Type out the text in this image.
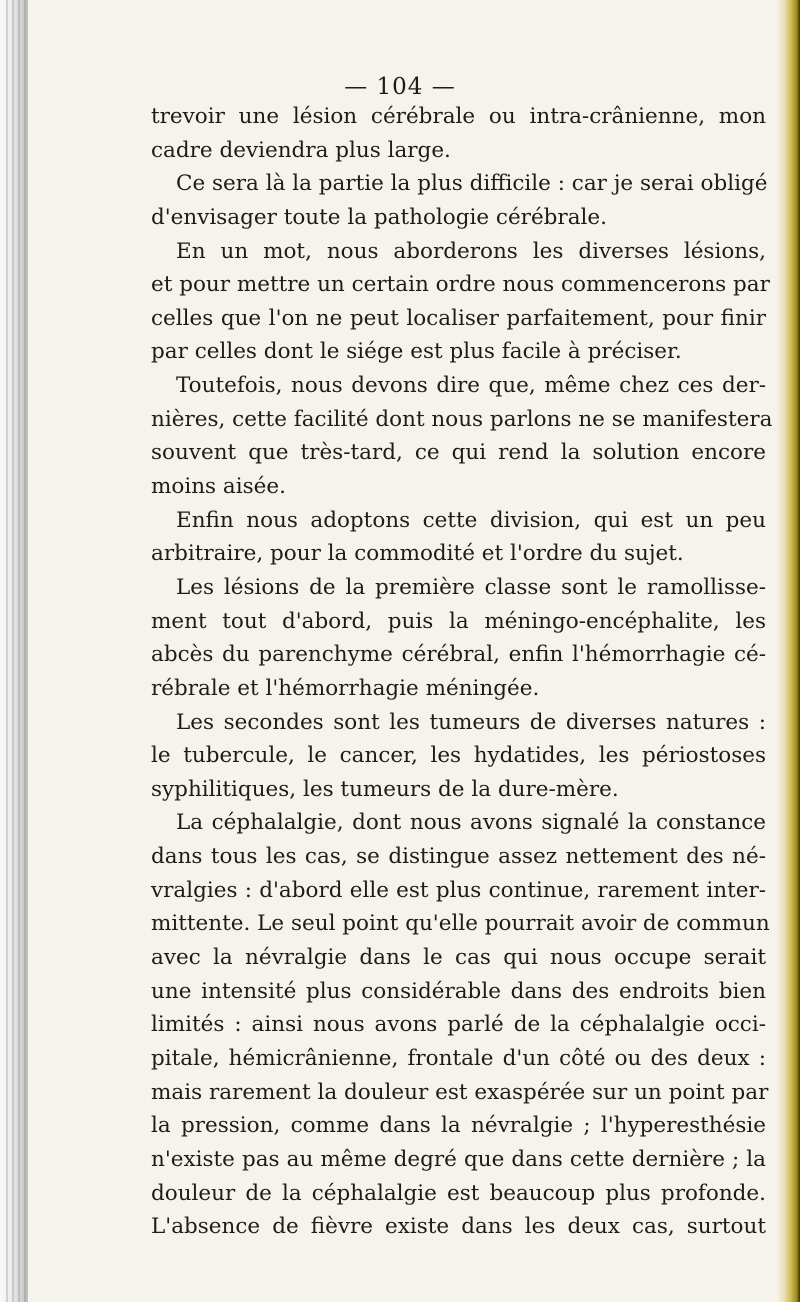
— 104 —
trevoir une lésion cérébrale ou intra-crânienne, mon
cadre deviendra plus large.
Ce sera là la partie la plus difficile : car je serai obligé
d'envisager toute la pathologie cérébrale.
En un mot, nous aborderons les diverses lésions,
et pour mettre un certain ordre nous commencerons par
celles que l'on ne peut localiser parfaitement, pour finir
par celles dont le siége est plus facile à préciser.
Toutefois, nous devons dire que, même chez ces der-
nières, cette facilité dont nous parlons ne se manifestera
souvent que très-tard, ce qui rend la solution encore
moins aisée.
Enfin nous adoptons cette division, qui est un peu
arbitraire, pour la commodité et l'ordre du sujet.
Les lésions de la première classe sont le ramollisse-
ment tout d'abord, puis la méningo-encéphalite, les
abcès du parenchyme cérébral, enfin l'hémorrhagie cé-
rébrale et l'hémorrhagie méningée.
Les secondes sont les tumeurs de diverses natures :
le tubercule, le cancer, les hydatides, les périostoses
syphilitiques, les tumeurs de la dure-mère.
La céphalalgie, dont nous avons signalé la constance
dans tous les cas, se distingue assez nettement des né-
vralgies : d'abord elle est plus continue, rarement inter-
mittente. Le seul point qu'elle pourrait avoir de commun
avec la névralgie dans le cas qui nous occupe serait
une intensité plus considérable dans des endroits bien
limités : ainsi nous avons parlé de la céphalalgie occi-
pitale, hémicrânienne, frontale d'un côté ou des deux :
mais rarement la douleur est exaspérée sur un point par
la pression, comme dans la névralgie ; l'hyperesthésie
n'existe pas au même degré que dans cette dernière ; la
douleur de la céphalalgie est beaucoup plus profonde.
L'absence de fièvre existe dans les deux cas, surtout
